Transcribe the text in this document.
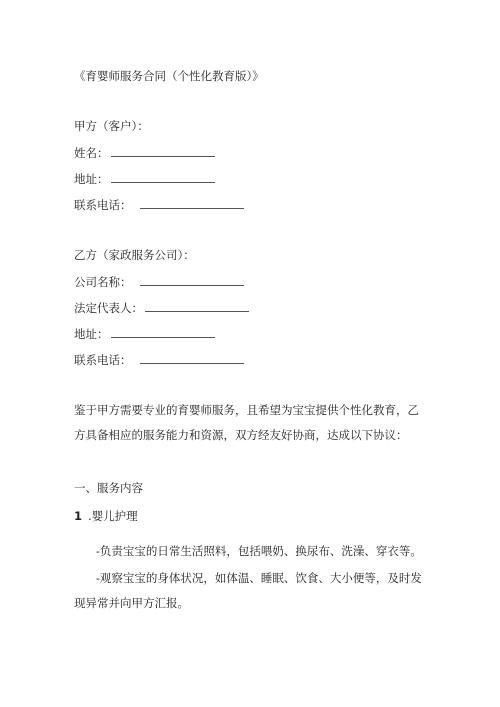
《育婴师服务合同（个性化教育版）》
甲方（客户）：
姓名：
地址：
联系电话：
乙方（家政服务公司）：
公司名称：
法定代表人：
地址：
联系电话：
鉴于甲方需要专业的育婴师服务，且希望为宝宝提供个性化教育，乙方具备相应的服务能力和资源，双方经友好协商，达成以下协议：
一、服务内容
1 .婴儿护理
-负责宝宝的日常生活照料，包括喂奶、换尿布、洗澡、穿衣等。
-观察宝宝的身体状况，如体温、睡眠、饮食、大小便等，及时发现异常并向甲方汇报。
